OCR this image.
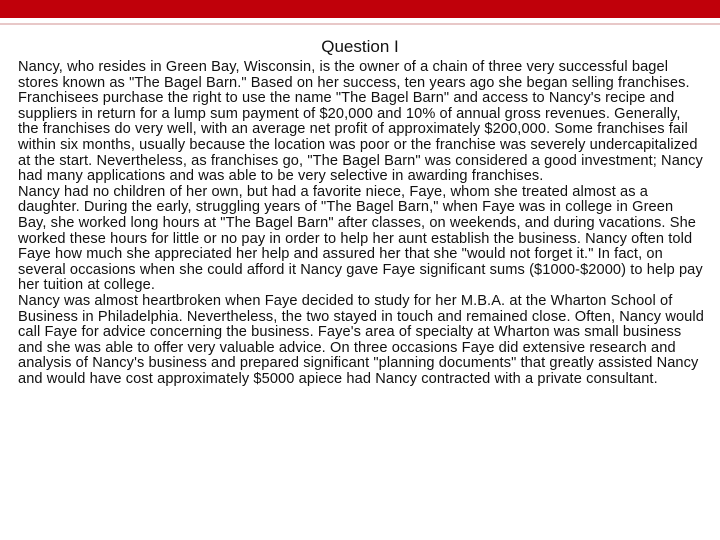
Question I

Nancy, who resides in Green Bay, Wisconsin, is the owner of a chain of three very successful bagel stores known as "The Bagel Barn." Based on her success, ten years ago she began selling franchises. Franchisees purchase the right to use the name "The Bagel Barn" and access to Nancy's recipe and suppliers in return for a lump sum payment of $20,000 and 10% of annual gross revenues. Generally, the franchises do very well, with an average net profit of approximately $200,000. Some franchises fail within six months, usually because the location was poor or the franchise was severely undercapitalized at the start. Nevertheless, as franchises go, "The Bagel Barn" was considered a good investment; Nancy had many applications and was able to be very selective in awarding franchises.

Nancy had no children of her own, but had a favorite niece, Faye, whom she treated almost as a daughter. During the early, struggling years of "The Bagel Barn," when Faye was in college in Green Bay, she worked long hours at "The Bagel Barn" after classes, on weekends, and during vacations. She worked these hours for little or no pay in order to help her aunt establish the business. Nancy often told Faye how much she appreciated her help and assured her that she "would not forget it." In fact, on several occasions when she could afford it Nancy gave Faye significant sums ($1000-$2000) to help pay her tuition at college.

Nancy was almost heartbroken when Faye decided to study for her M.B.A. at the Wharton School of Business in Philadelphia. Nevertheless, the two stayed in touch and remained close. Often, Nancy would call Faye for advice concerning the business. Faye's area of specialty at Wharton was small business and she was able to offer very valuable advice. On three occasions Faye did extensive research and analysis of Nancy's business and prepared significant "planning documents" that greatly assisted Nancy and would have cost approximately $5000 apiece had Nancy contracted with a private consultant.
